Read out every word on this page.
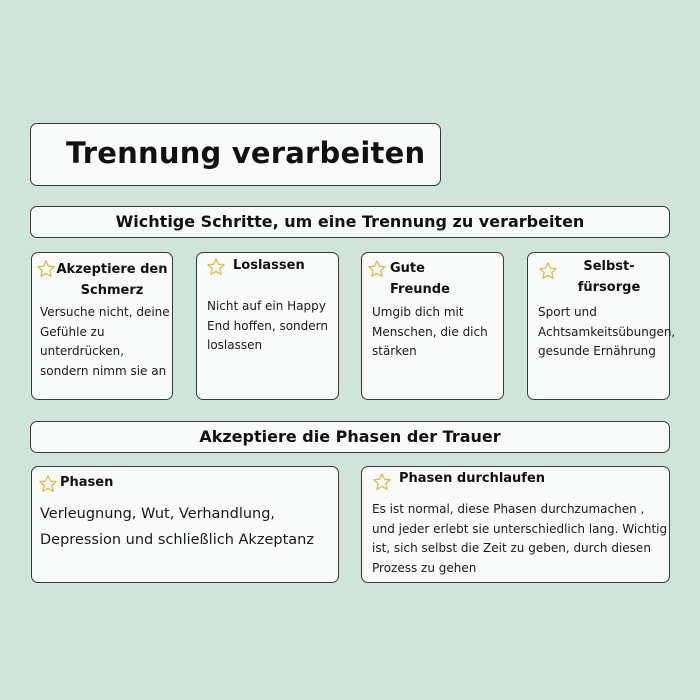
Trennung verarbeiten
Wichtige Schritte, um eine Trennung zu verarbeiten
Akzeptiere den Schmerz
Versuche nicht, deine Gefühle zu unterdrücken, sondern nimm sie an
Loslassen
Nicht auf ein Happy End hoffen, sondern loslassen
Gute Freunde
Umgib dich mit Menschen, die dich stärken
Selbst-fürsorge
Sport und Achtsamkeitsübungen, gesunde Ernährung
Akzeptiere die Phasen der Trauer
Phasen
Verleugnung, Wut, Verhandlung, Depression und schließlich Akzeptanz
Phasen durchlaufen
Es ist normal, diese Phasen durchzumachen , und jeder erlebt sie unterschiedlich lang. Wichtig ist, sich selbst die Zeit zu geben, durch diesen Prozess zu gehen
